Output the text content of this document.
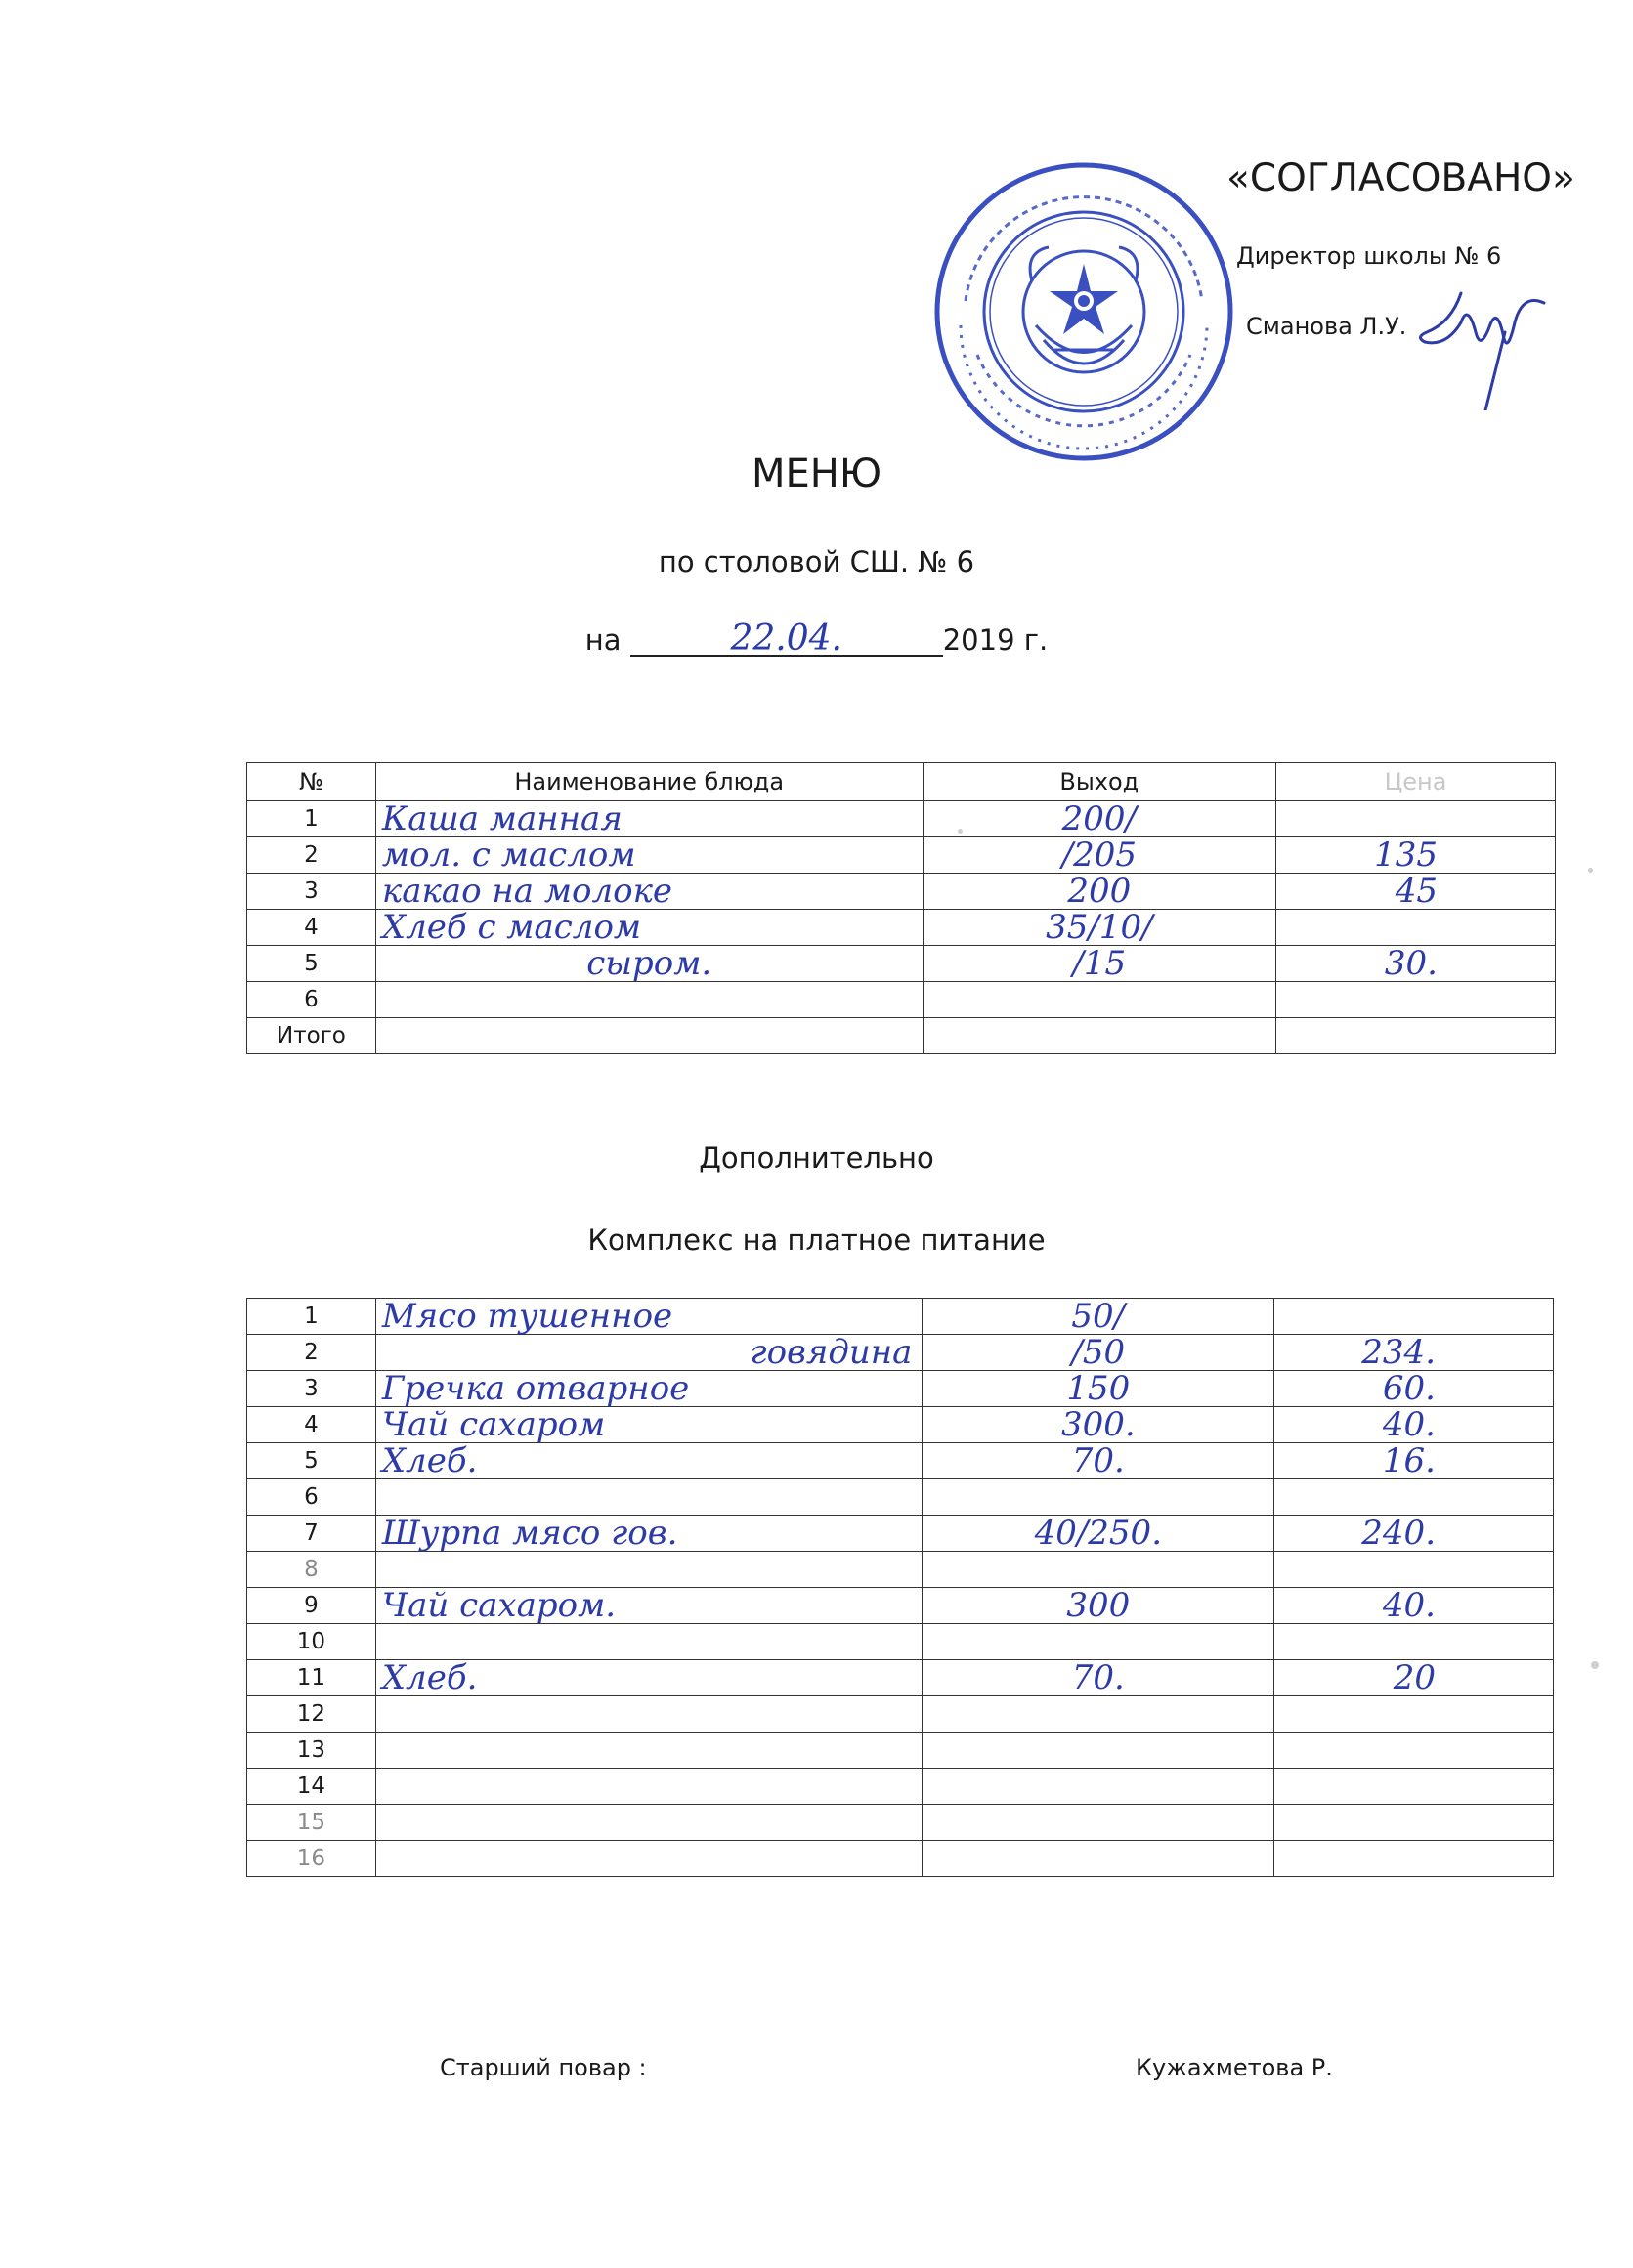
«СОГЛАСОВАНО»
Директор школы № 6
Сманова Л.У.
МЕНЮ
по столовой СШ. № 6
на	22.04.	2019 г.
№	Наименование блюда	Выход	Цена
1	Каша манная	200/	
2	мол. с маслом	/205	135
3	какао на молоке	200	45
4	Хлеб с маслом	35/10/	
5	сыром.	/15	30.
6			
Итого			
Дополнительно
Комплекс на платное питание
1	Мясо тушенное	50/	
2	говядина	/50	234.
3	Гречка отварное	150	60.
4	Чай сахаром	300.	40.
5	Хлеб.	70.	16.
6			
7	Шурпа мясо гов.	40/250.	240.
8			
9	Чай сахаром.	300	40.
10			
11	Хлеб.	70.	20
12			
13			
14			
15			
16			
Старший повар :	Кужахметова Р.
